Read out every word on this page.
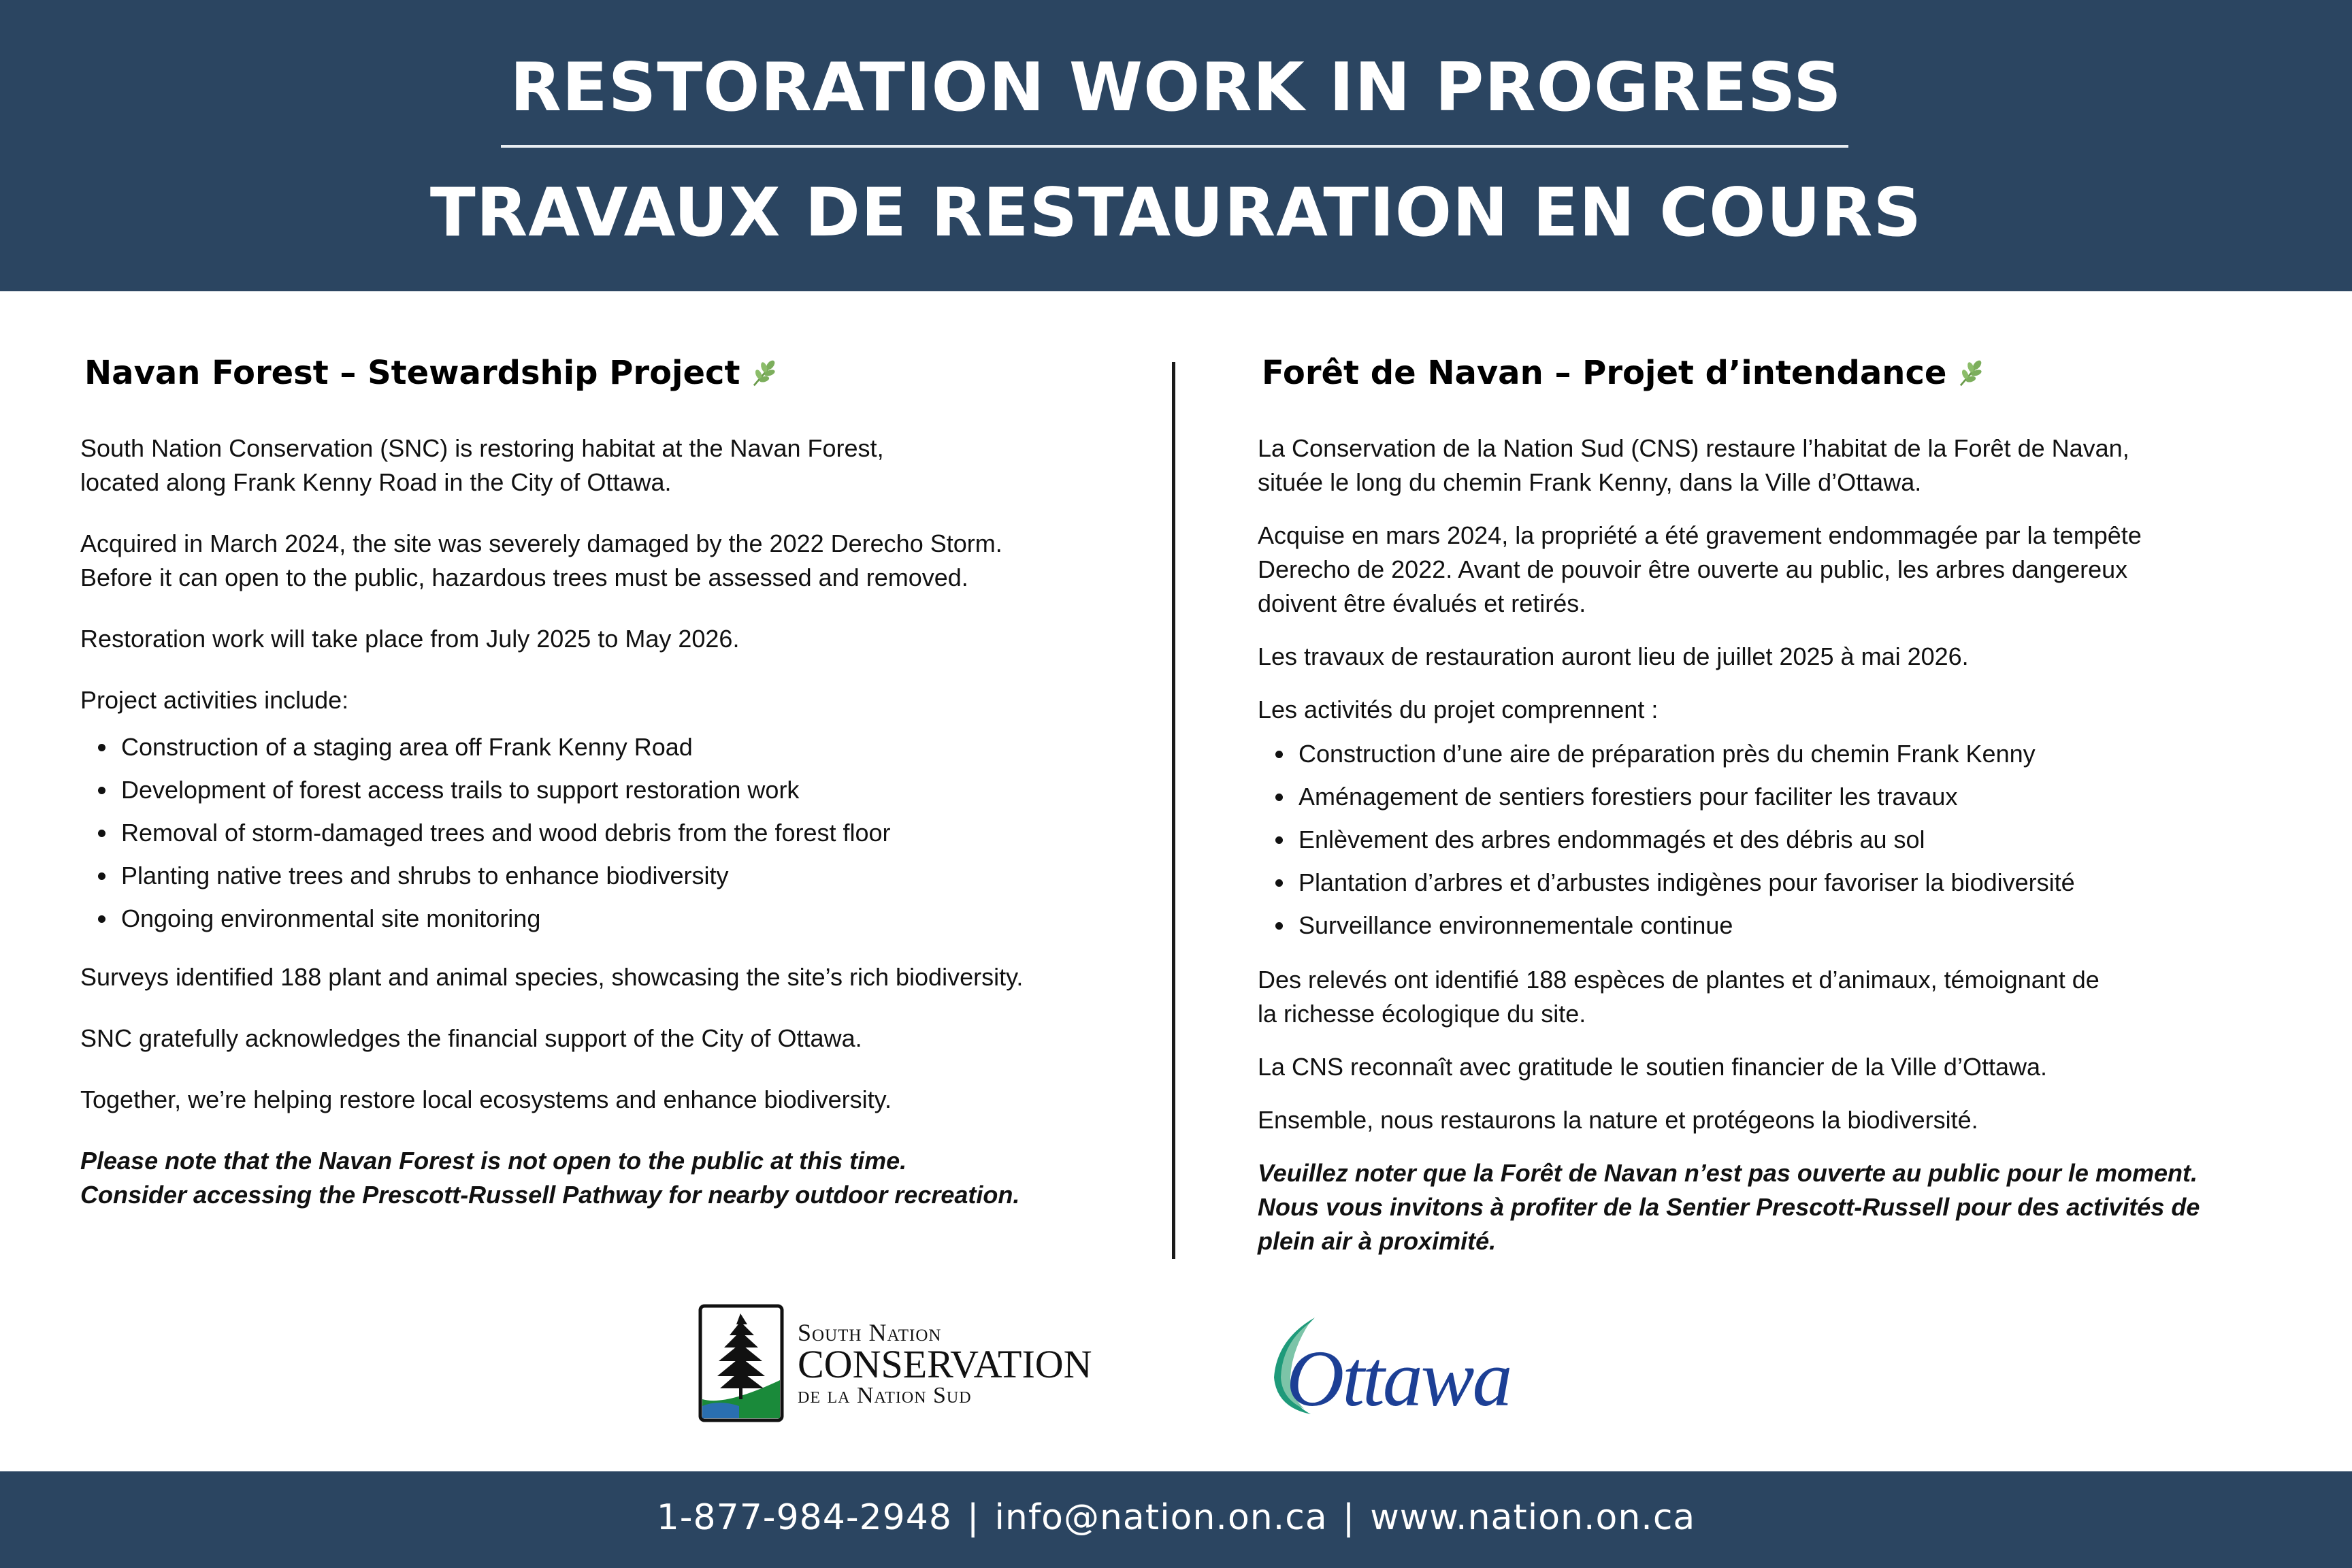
RESTORATION WORK IN PROGRESS
TRAVAUX DE RESTAURATION EN COURS
Navan Forest – Stewardship Project

South Nation Conservation (SNC) is restoring habitat at the Navan Forest,
located along Frank Kenny Road in the City of Ottawa.

Acquired in March 2024, the site was severely damaged by the 2022 Derecho Storm.
Before it can open to the public, hazardous trees must be assessed and removed.

Restoration work will take place from July 2025 to May 2026.

Project activities include:

Construction of a staging area off Frank Kenny Road
Development of forest access trails to support restoration work
Removal of storm-damaged trees and wood debris from the forest floor
Planting native trees and shrubs to enhance biodiversity
Ongoing environmental site monitoring

Surveys identified 188 plant and animal species, showcasing the site’s rich biodiversity.

SNC gratefully acknowledges the financial support of the City of Ottawa.

Together, we’re helping restore local ecosystems and enhance biodiversity.

Please note that the Navan Forest is not open to the public at this time.
Consider accessing the Prescott-Russell Pathway for nearby outdoor recreation.

Forêt de Navan – Projet d’intendance

La Conservation de la Nation Sud (CNS) restaure l’habitat de la Forêt de Navan,
située le long du chemin Frank Kenny, dans la Ville d’Ottawa.

Acquise en mars 2024, la propriété a été gravement endommagée par la tempête
Derecho de 2022. Avant de pouvoir être ouverte au public, les arbres dangereux
doivent être évalués et retirés.

Les travaux de restauration auront lieu de juillet 2025 à mai 2026.

Les activités du projet comprennent :

Construction d’une aire de préparation près du chemin Frank Kenny
Aménagement de sentiers forestiers pour faciliter les travaux
Enlèvement des arbres endommagés et des débris au sol
Plantation d’arbres et d’arbustes indigènes pour favoriser la biodiversité
Surveillance environnementale continue

Des relevés ont identifié 188 espèces de plantes et d’animaux, témoignant de
la richesse écologique du site.

La CNS reconnaît avec gratitude le soutien financier de la Ville d’Ottawa.

Ensemble, nous restaurons la nature et protégeons la biodiversité.

Veuillez noter que la Forêt de Navan n’est pas ouverte au public pour le moment.
Nous vous invitons à profiter de la Sentier Prescott-Russell pour des activités de
plein air à proximité.

South Nation
CONSERVATION
de la Nation Sud	Ottawa
1-877-984-2948 | info@nation.on.ca | www.nation.on.ca
